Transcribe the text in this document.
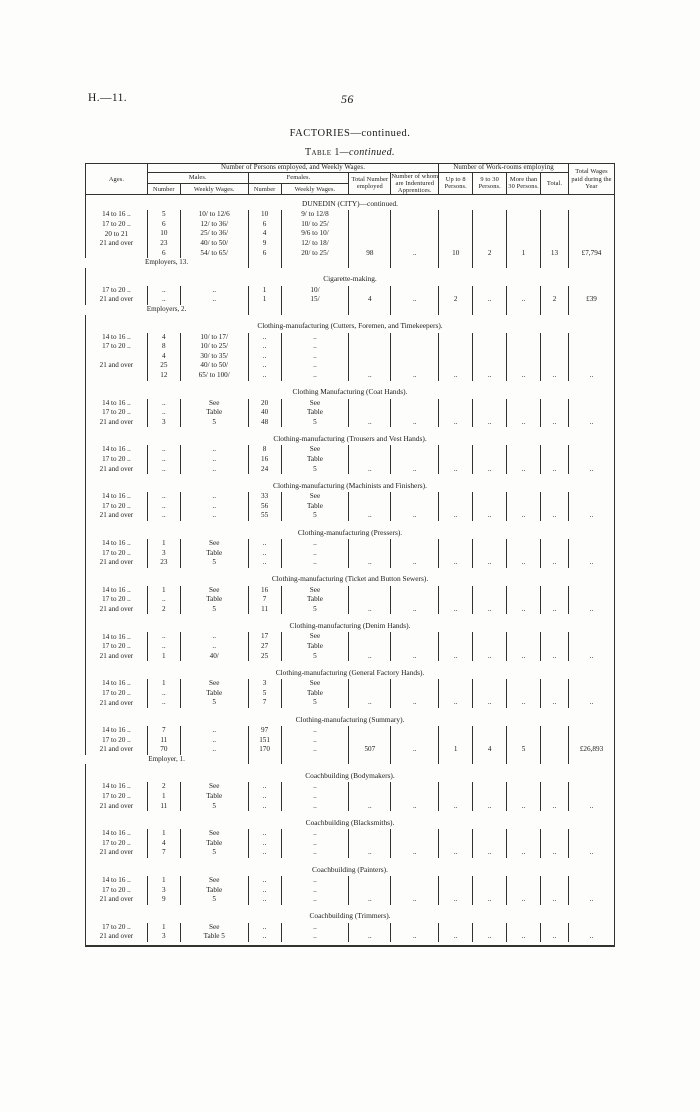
H.—11.	56
FACTORIES—continued.
Table 1—continued.
Ages.	Number of Persons employed, and Weekly Wages.						Number of Work-rooms employing				Total Wages paid during the Year
	Males.		Females.		Total Number employed	Number of whom are Indentured Apprentices.	Up to 8 Persons.	9 to 30 Persons.	More than 30 Persons.	Total.	
	Number	Weekly Wages.	Number	Weekly Wages.							
DUNEDIN (CITY)—continued.											
14 to 16 ..	5	10/ to 12/6	10	9/ to 12/8							
17 to 20 ..	6	12/ to 36/	6	10/ to 25/							
20 to 21	10	25/ to 36/	4	9/6 to 10/							
21 and over	23	40/ to 50/	9	12/ to 18/							
	6	54/ to 65/	6	20/ to 25/	98	..	10	2	1	13	£7,794
Employers, 13.											

Cigarette-making.											
17 to 20 ..	..	..	1	10/							
21 and over	..	..	1	15/	4	..	2	..	..	2	£39
Employers, 2.											

Clothing-manufacturing (Cutters, Foremen, and Timekeepers).											
14 to 16 ..	4	10/ to 17/	..	..							
17 to 20 ..	8	10/ to 25/	..	..							
	4	30/ to 35/	..	..							
21 and over	25	40/ to 50/	..	..							
	12	65/ to 100/	..	..	..	..	..	..	..	..	..

Clothing Manufacturing (Coat Hands).											
14 to 16 ..	..	See	20	See							
17 to 20 ..	..	Table	40	Table							
21 and over	3	5	48	5	..	..	..	..	..	..	..

Clothing-manufacturing (Trousers and Vest Hands).											
14 to 16 ..	..	..	8	See							
17 to 20 ..	..	..	16	Table							
21 and over	..	..	24	5	..	..	..	..	..	..	..

Clothing-manufacturing (Machinists and Finishers).											
14 to 16 ..	..	..	33	See							
17 to 20 ..	..	..	56	Table							
21 and over	..	..	55	5	..	..	..	..	..	..	..

Clothing-manufacturing (Pressers).											
14 to 16 ..	1	See	..	..							
17 to 20 ..	3	Table	..	..							
21 and over	23	5	..	..	..	..	..	..	..	..	..

Clothing-manufacturing (Ticket and Button Sewers).											
14 to 16 ..	1	See	16	See							
17 to 20 ..	..	Table	7	Table							
21 and over	2	5	11	5	..	..	..	..	..	..	..

Clothing-manufacturing (Denim Hands).											
14 to 16 ..	..	..	17	See							
17 to 20 ..	..	..	27	Table							
21 and over	1	40/	25	5	..	..	..	..	..	..	..

Clothing-manufacturing (General Factory Hands).											
14 to 16 ..	1	See	3	See							
17 to 20 ..	..	Table	5	Table							
21 and over	..	5	7	5	..	..	..	..	..	..	..

Clothing-manufacturing (Summary).											
14 to 16 ..	7	..	97	..							
17 to 20 ..	11	..	151	..							
21 and over	70	..	170	..	507	..	1	4	5		£26,893
Employer, 1.											

Coachbuilding (Bodymakers).											
14 to 16 ..	2	See	..	..							
17 to 20 ..	1	Table	..	..							
21 and over	11	5	..	..	..	..	..	..	..	..	..

Coachbuilding (Blacksmiths).											
14 to 16 ..	1	See	..	..							
17 to 20 ..	4	Table	..	..							
21 and over	7	5	..	..	..	..	..	..	..	..	..

Coachbuilding (Painters).											
14 to 16 ..	1	See	..	..							
17 to 20 ..	3	Table	..	..							
21 and over	9	5	..	..	..	..	..	..	..	..	..

Coachbuilding (Trimmers).											
17 to 20 ..	1	See	..	..							
21 and over	3	Table 5	..	..	..	..	..	..	..	..	..
